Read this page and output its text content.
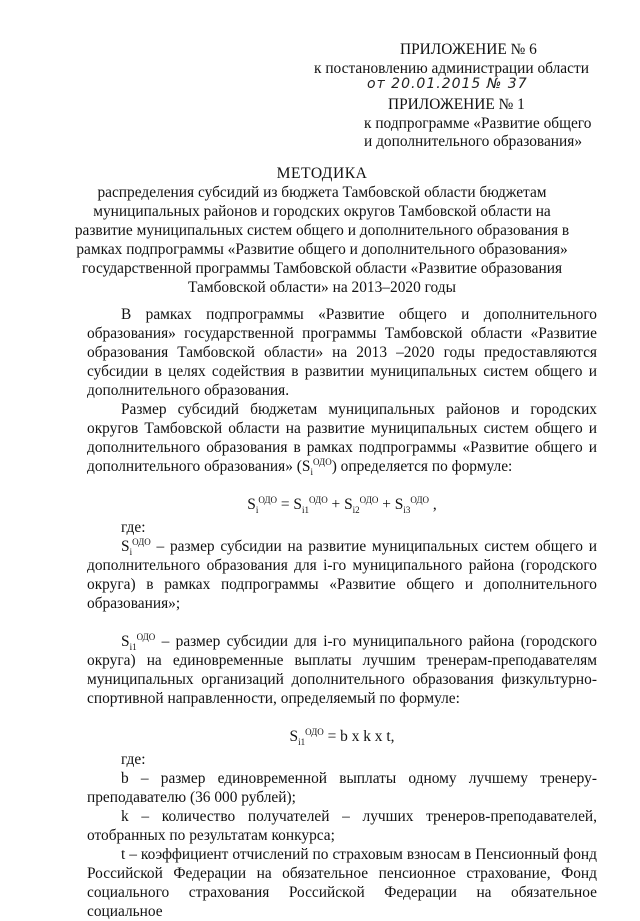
ПРИЛОЖЕНИЕ № 6
к постановлению администрации области
от 20.01.2015 № 37
ПРИЛОЖЕНИЕ № 1
к подпрограмме «Развитие общего
и дополнительного образования»
МЕТОДИКА
распределения субсидий из бюджета Тамбовской области бюджетам
муниципальных районов и городских округов Тамбовской области на
развитие муниципальных систем общего и дополнительного образования в
рамках подпрограммы «Развитие общего и дополнительного образования»
государственной программы Тамбовской области «Развитие образования
Тамбовской области» на 2013–2020 годы

В рамках подпрограммы «Развитие общего и дополнительного образования» государственной программы Тамбовской области «Развитие образования Тамбовской области» на 2013 –2020 годы предоставляются субсидии в целях содействия в развитии муниципальных систем общего и дополнительного образования.

Размер субсидий бюджетам муниципальных районов и городских округов Тамбовской области на развитие муниципальных систем общего и дополнительного образования в рамках подпрограммы «Развитие общего и дополнительного образования» $(S_i^{ОДО})$ определяется по формуле:

$S_i^{ОДО} = S_{i1}^{ОДО} + S_{i2}^{ОДО} + S_{i3}^{ОДО}$ ,

где:

$S_i^{ОДО}$ – размер субсидии на развитие муниципальных систем общего и дополнительного образования для i-го муниципального района (городского округа) в рамках подпрограммы «Развитие общего и дополнительного образования»;

$S_{i1}^{ОДО}$ – размер субсидии для i-го муниципального района (городского округа) на единовременные выплаты лучшим тренерам-преподавателям муниципальных организаций дополнительного образования физкультурно-спортивной направленности, определяемый по формуле:

$S_{i1}^{ОДО} = b$ x k x t,

где:

b – размер единовременной выплаты одному лучшему тренеру-преподавателю (36 000 рублей);

k – количество получателей – лучших тренеров-преподавателей, отобранных по результатам конкурса;

t – коэффициент отчислений по страховым взносам в Пенсионный фонд Российской Федерации на обязательное пенсионное страхование, Фонд социального страхования Российской Федерации на обязательное социальное
